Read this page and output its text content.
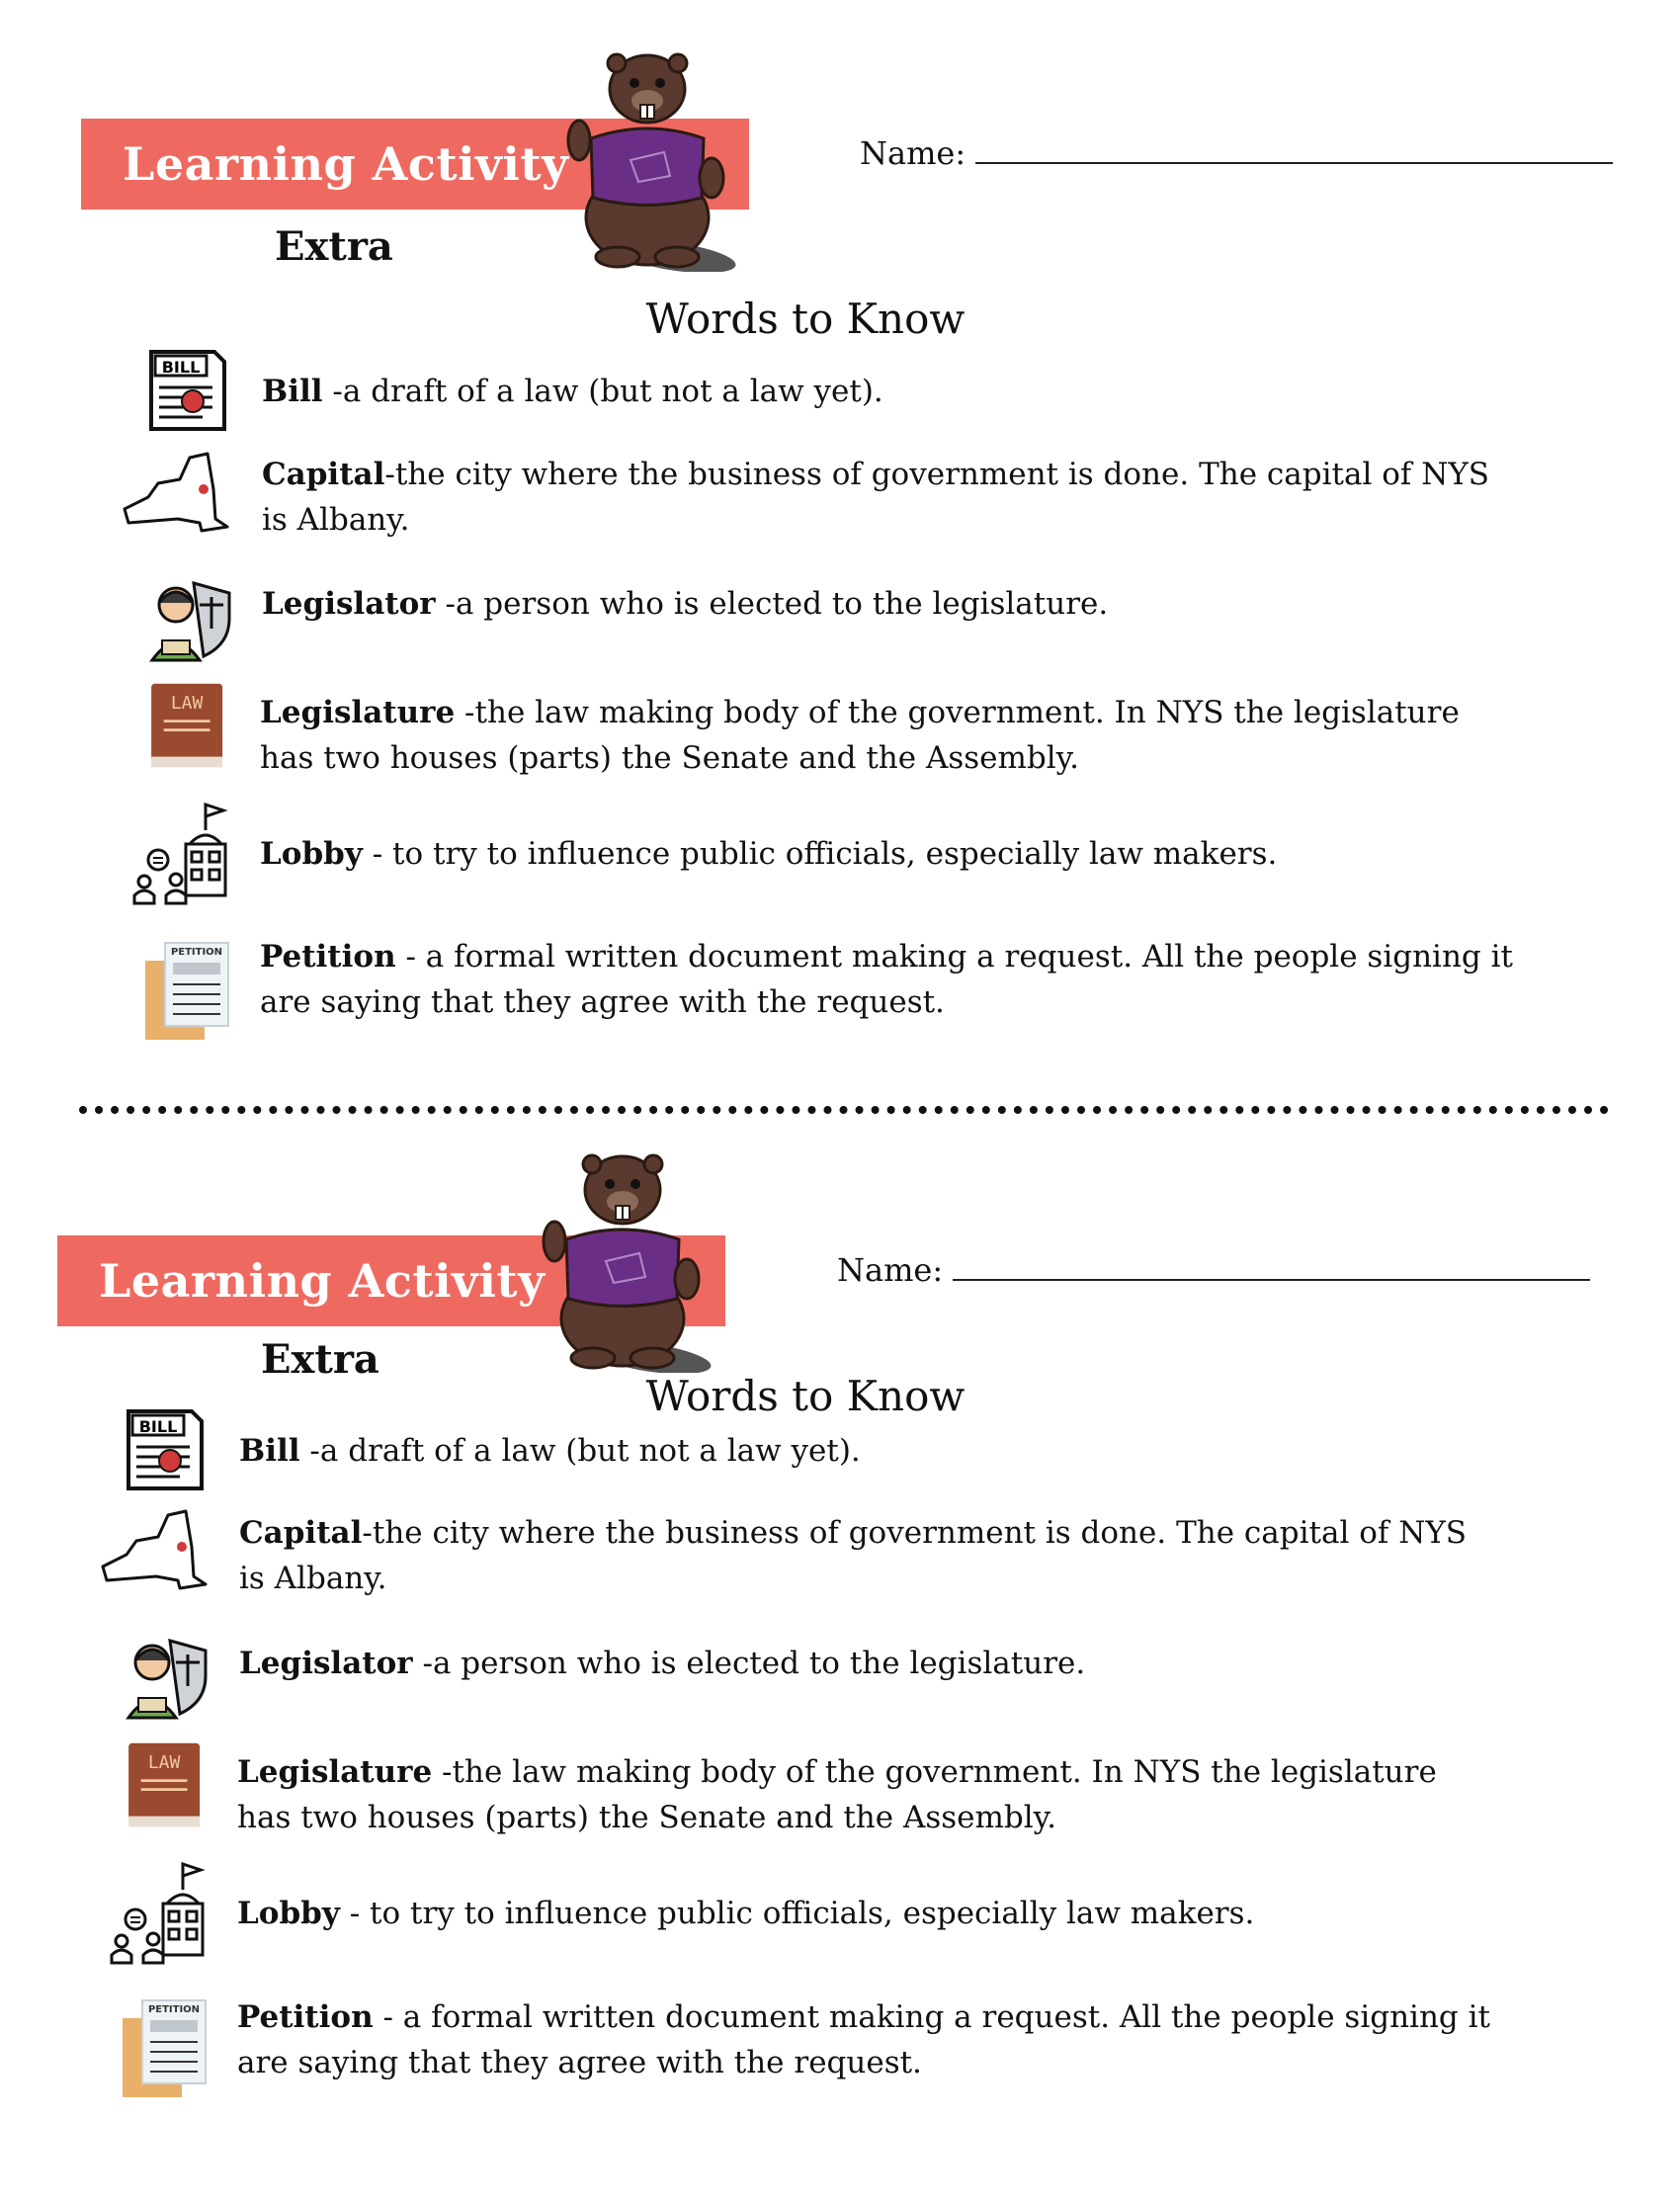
Learning Activity
Extra
Name:
Words to Know
BILL
Bill -a draft of a law (but not a law yet).
Capital-the city where the business of government is done. The capital of NYS is Albany.
Legislator -a person who is elected to the legislature.
LAW Legislature -the law making body of the government. In NYS the legislature has two houses (parts) the Senate and the Assembly.
Lobby - to try to influence public officials, especially law makers.
PETITION Petition - a formal written document making a request. All the people signing it are saying that they agree with the request.
Learning Activity
Extra
Name:
Words to Know
BILL
Bill -a draft of a law (but not a law yet).
Capital-the city where the business of government is done. The capital of NYS is Albany.
Legislator -a person who is elected to the legislature.
LAW Legislature -the law making body of the government. In NYS the legislature has two houses (parts) the Senate and the Assembly.
Lobby - to try to influence public officials, especially law makers.
PETITION Petition - a formal written document making a request. All the people signing it are saying that they agree with the request.
